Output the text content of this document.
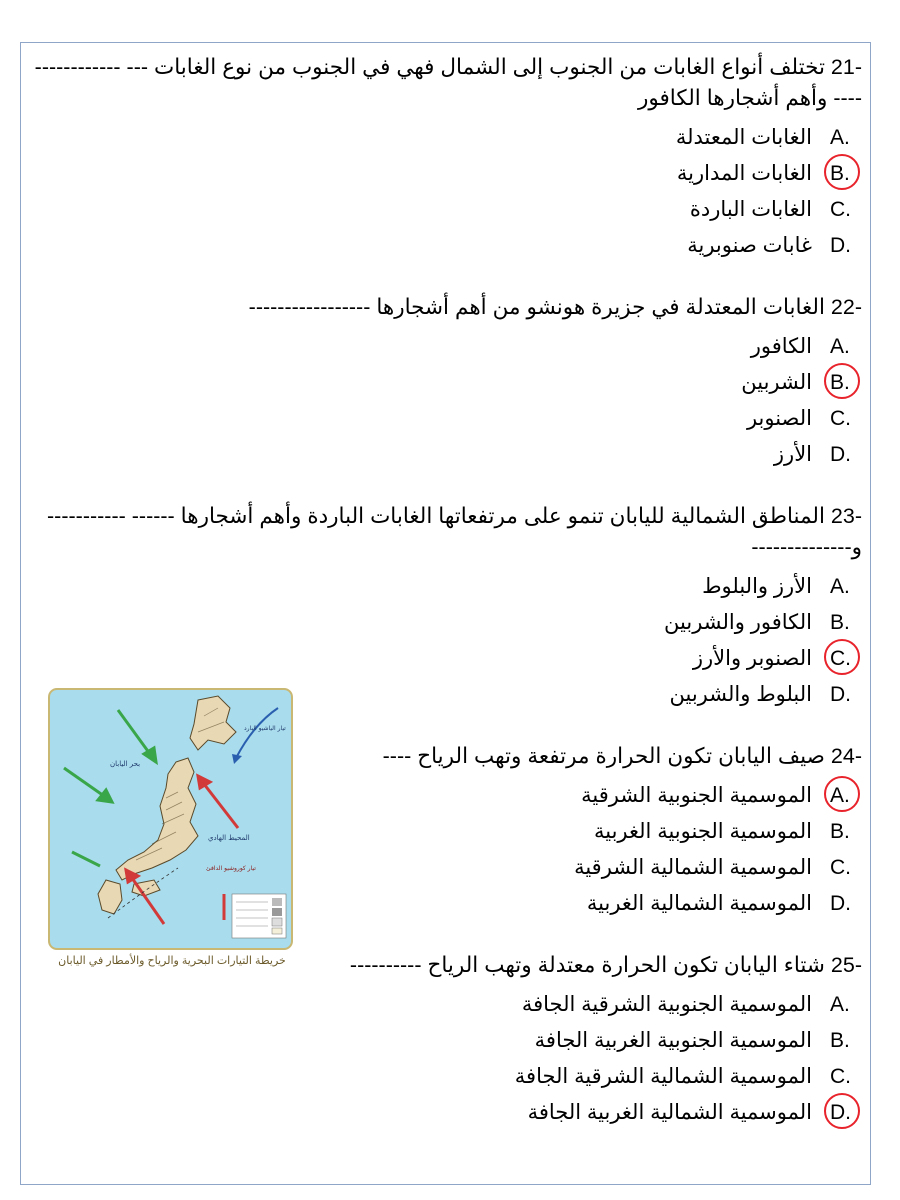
21- تختلف أنواع الغابات من الجنوب إلى الشمال فهي في الجنوب من نوع الغابات --- ---------------- وأهم أشجارها الكافور

A.
الغابات المعتدلة
B.
الغابات المدارية
C.
الغابات الباردة
D.
غابات صنوبرية

22- الغابات المعتدلة في جزيرة هونشو من أهم أشجارها -----------------

A.
الكافور
B.
الشربين
C.
الصنوبر
D.
الأرز

23- المناطق الشمالية لليابان تنمو على مرتفعاتها الغابات الباردة وأهم أشجارها ------ ----------- و--------------

A.
الأرز والبلوط
B.
الكافور والشربين
C.
الصنوبر والأرز
D.
البلوط والشربين

24- صيف اليابان تكون الحرارة مرتفعة وتهب الرياح ----

A.
الموسمية الجنوبية الشرقية
B.
الموسمية الجنوبية الغربية
C.
الموسمية الشمالية الشرقية
D.
الموسمية الشمالية الغربية

25- شتاء اليابان تكون الحرارة معتدلة وتهب الرياح ----------

A.
الموسمية الجنوبية الشرقية الجافة
B.
الموسمية الجنوبية الغربية الجافة
C.
الموسمية الشمالية الشرقية الجافة
D.
الموسمية الشمالية الغربية الجافة
بحر اليابان
المحيط الهادي
تيار الياشيو البارد
تيار كوروشيو الدافئ
خريطة التيارات البحرية والرياح والأمطار في اليابان
